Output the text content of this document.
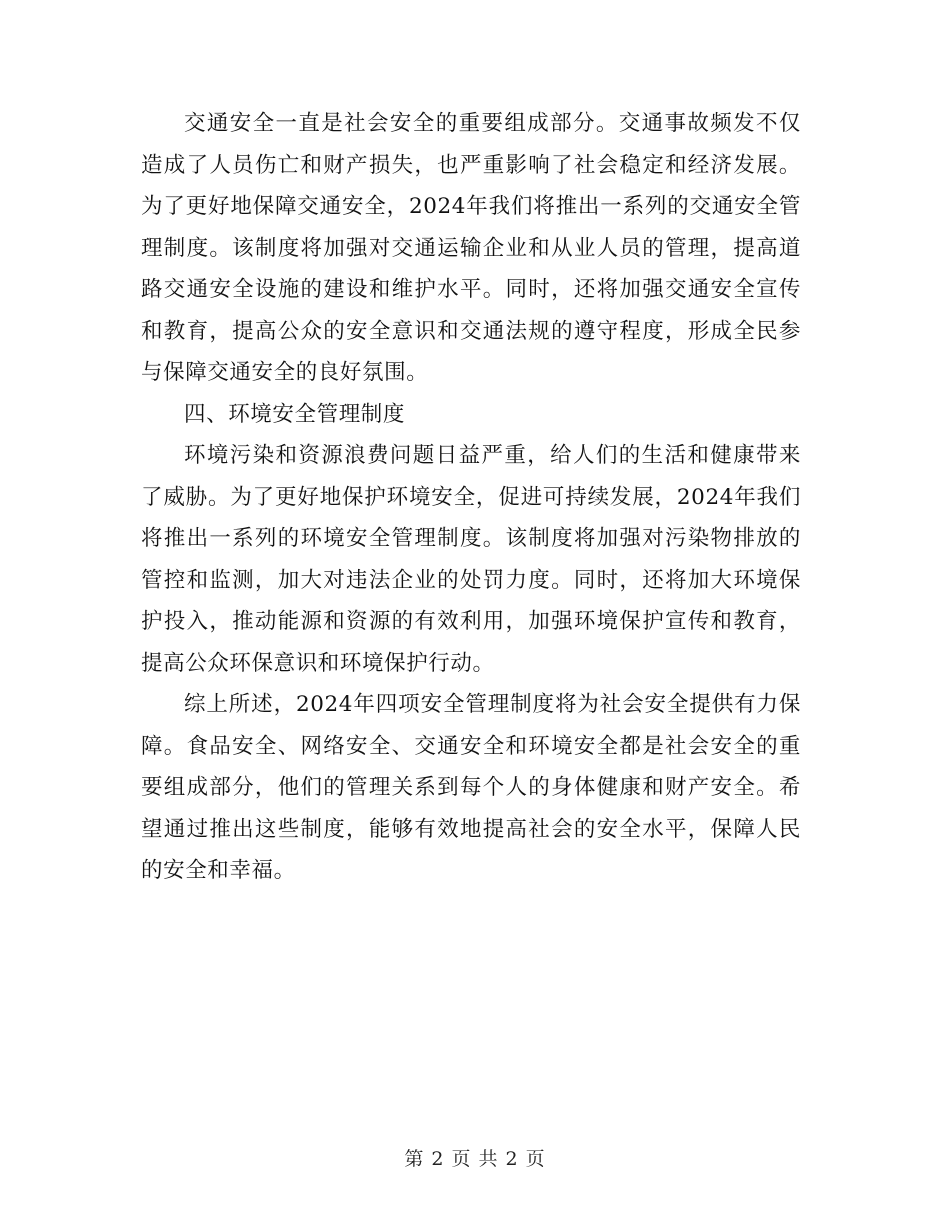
交通安全一直是社会安全的重要组成部分。交通事故频发不仅造成了人员伤亡和财产损失，也严重影响了社会稳定和经济发展。为了更好地保障交通安全，2024年我们将推出一系列的交通安全管理制度。该制度将加强对交通运输企业和从业人员的管理，提高道路交通安全设施的建设和维护水平。同时，还将加强交通安全宣传和教育，提高公众的安全意识和交通法规的遵守程度，形成全民参与保障交通安全的良好氛围。

四、环境安全管理制度

环境污染和资源浪费问题日益严重，给人们的生活和健康带来了威胁。为了更好地保护环境安全，促进可持续发展，2024年我们将推出一系列的环境安全管理制度。该制度将加强对污染物排放的管控和监测，加大对违法企业的处罚力度。同时，还将加大环境保护投入，推动能源和资源的有效利用，加强环境保护宣传和教育，提高公众环保意识和环境保护行动。

综上所述，2024年四项安全管理制度将为社会安全提供有力保障。食品安全、网络安全、交通安全和环境安全都是社会安全的重要组成部分，他们的管理关系到每个人的身体健康和财产安全。希望通过推出这些制度，能够有效地提高社会的安全水平，保障人民的安全和幸福。

第 2 页 共 2 页
